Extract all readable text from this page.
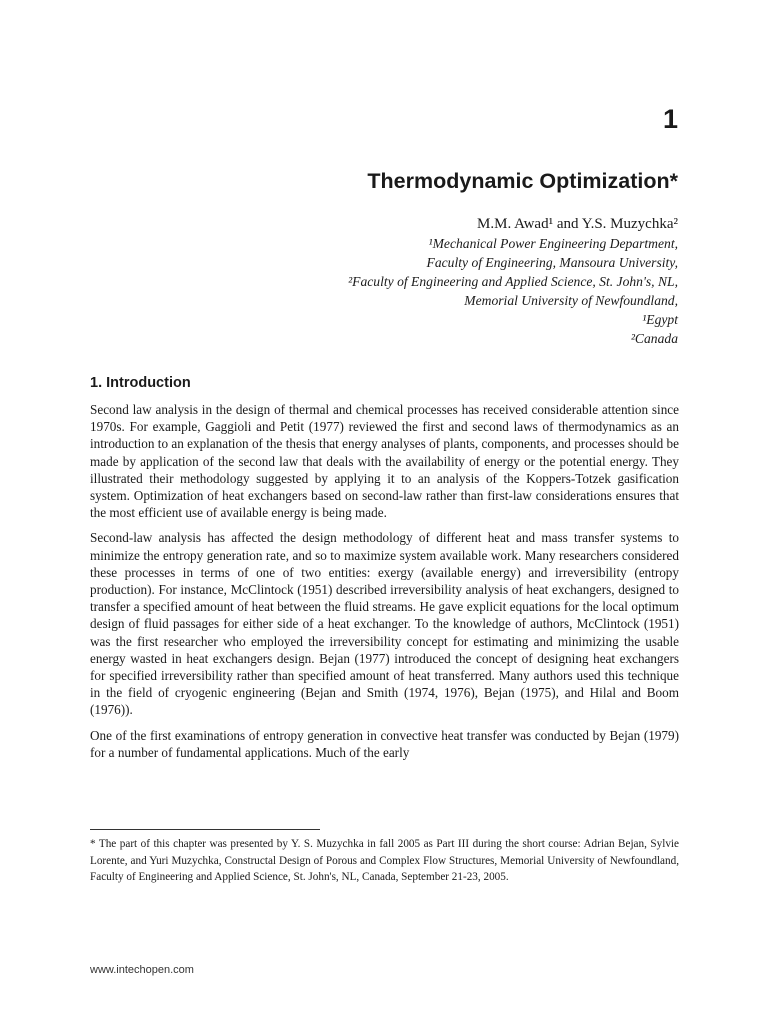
1
Thermodynamic Optimization*
M.M. Awad¹ and Y.S. Muzychka²
¹Mechanical Power Engineering Department,
Faculty of Engineering, Mansoura University,
²Faculty of Engineering and Applied Science, St. John's, NL,
Memorial University of Newfoundland,
¹Egypt
²Canada
1. Introduction

Second law analysis in the design of thermal and chemical processes has received considerable attention since 1970s. For example, Gaggioli and Petit (1977) reviewed the first and second laws of thermodynamics as an introduction to an explanation of the thesis that energy analyses of plants, components, and processes should be made by application of the second law that deals with the availability of energy or the potential energy. They illustrated their methodology suggested by applying it to an analysis of the Koppers-Totzek gasification system. Optimization of heat exchangers based on second-law rather than first-law considerations ensures that the most efficient use of available energy is being made.

Second-law analysis has affected the design methodology of different heat and mass transfer systems to minimize the entropy generation rate, and so to maximize system available work. Many researchers considered these processes in terms of one of two entities: exergy (available energy) and irreversibility (entropy production). For instance, McClintock (1951) described irreversibility analysis of heat exchangers, designed to transfer a specified amount of heat between the fluid streams. He gave explicit equations for the local optimum design of fluid passages for either side of a heat exchanger. To the knowledge of authors, McClintock (1951) was the first researcher who employed the irreversibility concept for estimating and minimizing the usable energy wasted in heat exchangers design. Bejan (1977) introduced the concept of designing heat exchangers for specified irreversibility rather than specified amount of heat transferred. Many authors used this technique in the field of cryogenic engineering (Bejan and Smith (1974, 1976), Bejan (1975), and Hilal and Boom (1976)).

One of the first examinations of entropy generation in convective heat transfer was conducted by Bejan (1979) for a number of fundamental applications. Much of the early

* The part of this chapter was presented by Y. S. Muzychka in fall 2005 as Part III during the short course: Adrian Bejan, Sylvie Lorente, and Yuri Muzychka, Constructal Design of Porous and Complex Flow Structures, Memorial University of Newfoundland, Faculty of Engineering and Applied Science, St. John's, NL, Canada, September 21-23, 2005.

www.intechopen.com
